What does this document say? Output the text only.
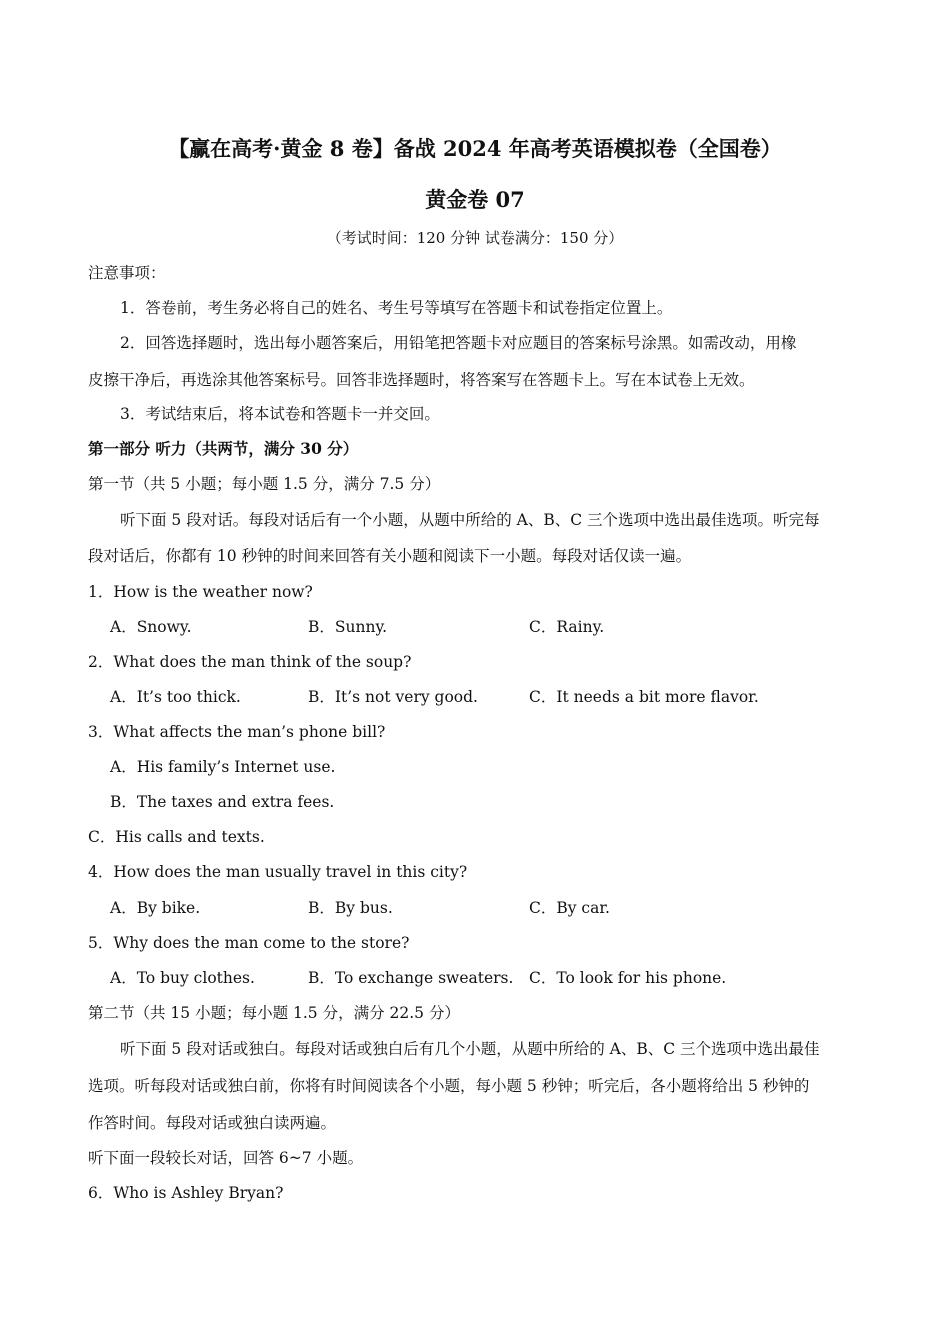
【赢在高考·黄金 8 卷】备战 2024 年高考英语模拟卷（全国卷）
黄金卷 07
（考试时间：120 分钟 试卷满分：150 分）
注意事项：
1．答卷前，考生务必将自己的姓名、考生号等填写在答题卡和试卷指定位置上。
2．回答选择题时，选出每小题答案后，用铅笔把答题卡对应题目的答案标号涂黑。如需改动，用橡
皮擦干净后，再选涂其他答案标号。回答非选择题时，将答案写在答题卡上。写在本试卷上无效。
3．考试结束后，将本试卷和答题卡一并交回。
第一部分 听力（共两节，满分 30 分）
第一节（共 5 小题；每小题 1.5 分，满分 7.5 分）
听下面 5 段对话。每段对话后有一个小题，从题中所给的 A、B、C 三个选项中选出最佳选项。听完每
段对话后，你都有 10 秒钟的时间来回答有关小题和阅读下一小题。每段对话仅读一遍。
1．How is the weather now?
A．Snowy.	B．Sunny.	C．Rainy.
2．What does the man think of the soup?
A．It’s too thick.	B．It’s not very good.	C．It needs a bit more flavor.
3．What affects the man’s phone bill?
A．His family’s Internet use.
B．The taxes and extra fees.
C．His calls and texts.
4．How does the man usually travel in this city?
A．By bike.	B．By bus.	C．By car.
5．Why does the man come to the store?
A．To buy clothes.	B．To exchange sweaters. C．To look for his phone.
第二节（共 15 小题；每小题 1.5 分，满分 22.5 分）
听下面 5 段对话或独白。每段对话或独白后有几个小题，从题中所给的 A、B、C 三个选项中选出最佳
选项。听每段对话或独白前，你将有时间阅读各个小题，每小题 5 秒钟；听完后，各小题将给出 5 秒钟的
作答时间。每段对话或独白读两遍。
听下面一段较长对话，回答 6~7 小题。
6．Who is Ashley Bryan?
